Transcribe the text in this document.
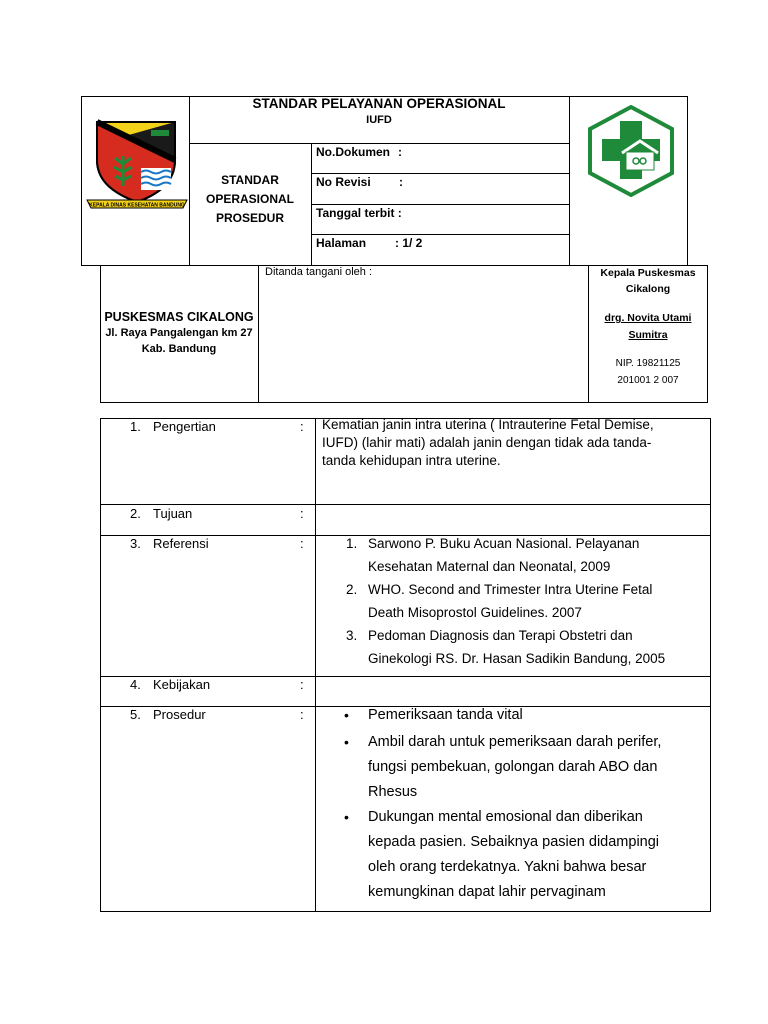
KEPALA DINAS KESEHATAN BANDUNG
STANDAR PELAYANAN OPERASIONAL
IUFD
STANDAR
OPERASIONAL
PROSEDUR
No.Dokumen :
No Revisi :
Tanggal terbit :
Halaman : 1/ 2
PUSKESMAS CIKALONG
Jl. Raya Pangalengan km 27
Kab. Bandung
Ditanda tangani oleh :	Kepala Puskesmas
Cikalong
drg. Novita Utami
Sumitra
NIP. 19821125
201001 2 007
1. Pengertian	: Kematian janin intra uterina ( Intrauterine Fetal Demise,
IUFD) (lahir mati) adalah janin dengan tidak ada tanda-
tanda kehidupan intra uterine.
2. Tujuan	:
3. Referensi	:	1. Sarwono P. Buku Acuan Nasional. Pelayanan
Kesehatan Maternal dan Neonatal, 2009
2. WHO. Second and Trimester Intra Uterine Fetal
Death Misoprostol Guidelines. 2007
3. Pedoman Diagnosis dan Terapi Obstetri dan
Ginekologi RS. Dr. Hasan Sadikin Bandung, 2005
4. Kebijakan	:
5. Prosedur	:	• Pemeriksaan tanda vital
• Ambil darah untuk pemeriksaan darah perifer,
fungsi pembekuan, golongan darah ABO dan
Rhesus
• Dukungan mental emosional dan diberikan
kepada pasien. Sebaiknya pasien didampingi
oleh orang terdekatnya. Yakni bahwa besar
kemungkinan dapat lahir pervaginam
